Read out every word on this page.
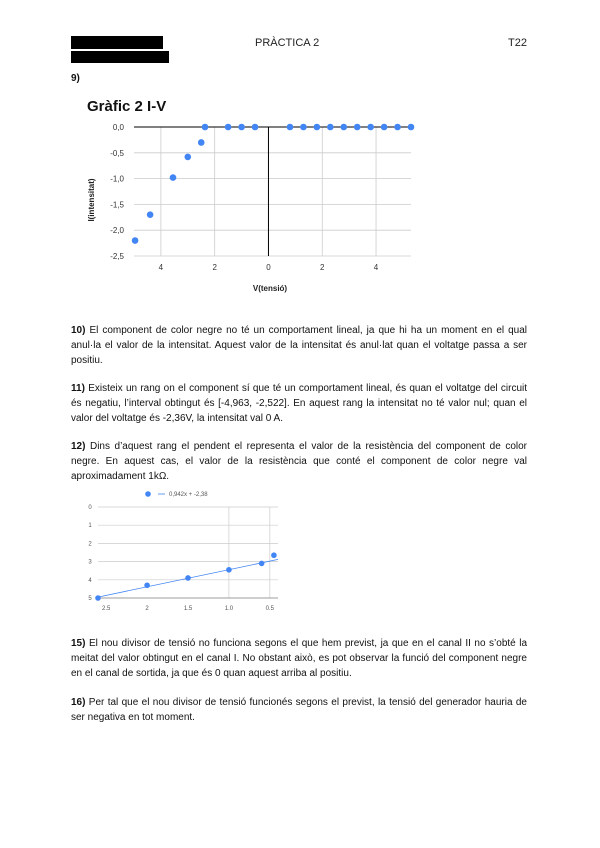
PRÀCTICA 2	T22
9)
Gràfic 2 I-V
0,0
-0,5
-1,0
-1,5
-2,0
-2,5
4	2	0	2	4
V(tensió)
I(intensitat)
10) El component de color negre no té un comportament lineal, ja que hi ha un moment en el qual anul·la el valor de la intensitat. Aquest valor de la intensitat és anul·lat quan el voltatge passa a ser positiu.
11) Existeix un rang on el component sí que té un comportament lineal, és quan el voltatge del circuit és negatiu, l’interval obtingut és [-4,963, -2,522]. En aquest rang la intensitat no té valor nul; quan el valor del voltatge és -2,36V, la intensitat val 0 A.
12) Dins d’aquest rang el pendent el representa el valor de la resistència del component de color negre. En aquest cas, el valor de la resistència que conté el component de color negre val aproximadament 1kΩ.
0,942x + -2,38
0
1
2
3
4
5
2.5	2	1.5	1.0	0.5
15) El nou divisor de tensió no funciona segons el que hem previst, ja que en el canal II no s’obté la meitat del valor obtingut en el canal I. No obstant això, es pot observar la funció del component negre en el canal de sortida, ja que és 0 quan aquest arriba al positiu.
16) Per tal que el nou divisor de tensió funcionés segons el previst, la tensió del generador hauria de ser negativa en tot moment.
